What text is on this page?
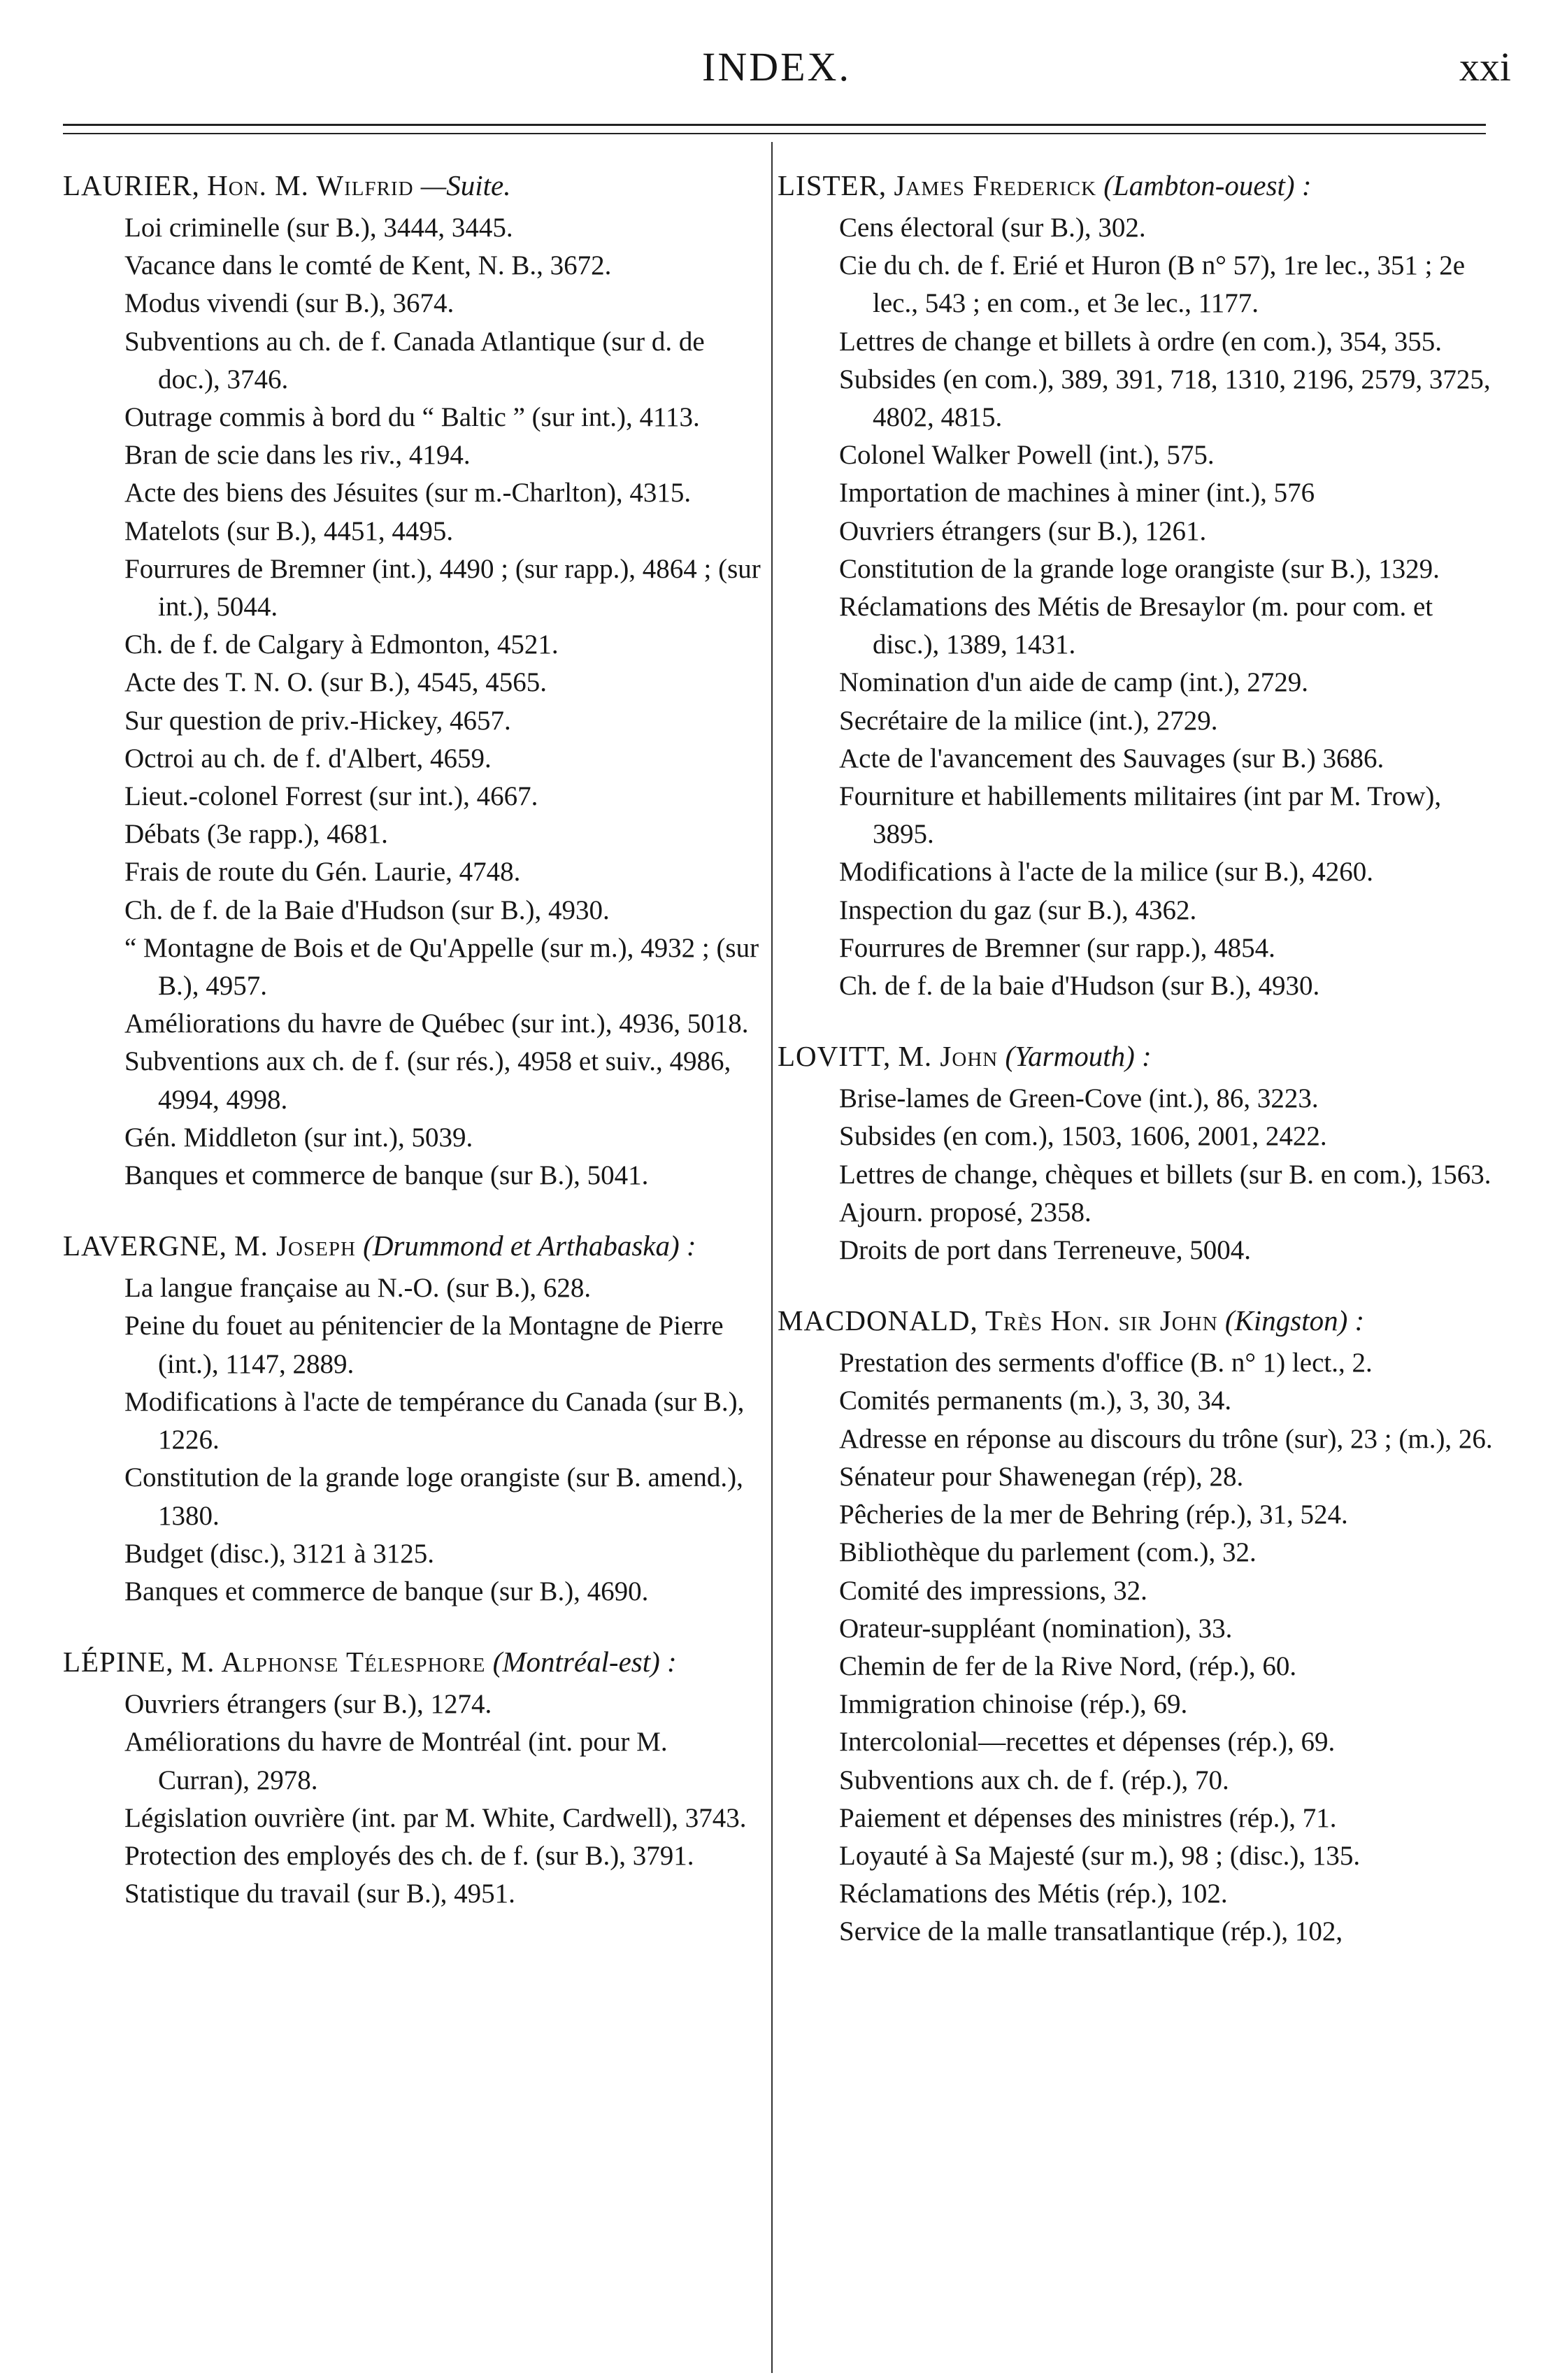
INDEX.	xxi
LAURIER, Hon. M. Wilfrid —Suite.
Loi criminelle (sur B.), 3444, 3445.
Vacance dans le comté de Kent, N. B., 3672.
Modus vivendi (sur B.), 3674.
Subventions au ch. de f. Canada Atlantique (sur d. de doc.), 3746.
Outrage commis à bord du “ Baltic ” (sur int.), 4113.
Bran de scie dans les riv., 4194.
Acte des biens des Jésuites (sur m.-Charlton), 4315.
Matelots (sur B.), 4451, 4495.
Fourrures de Bremner (int.), 4490 ; (sur rapp.), 4864 ; (sur int.), 5044.
Ch. de f. de Calgary à Edmonton, 4521.
Acte des T. N. O. (sur B.), 4545, 4565.
Sur question de priv.-Hickey, 4657.
Octroi au ch. de f. d'Albert, 4659.
Lieut.-colonel Forrest (sur int.), 4667.
Débats (3e rapp.), 4681.
Frais de route du Gén. Laurie, 4748.
Ch. de f. de la Baie d'Hudson (sur B.), 4930.
“ Montagne de Bois et de Qu'Appelle (sur m.), 4932 ; (sur B.), 4957.
Améliorations du havre de Québec (sur int.), 4936, 5018.
Subventions aux ch. de f. (sur rés.), 4958 et suiv., 4986, 4994, 4998.
Gén. Middleton (sur int.), 5039.
Banques et commerce de banque (sur B.), 5041.
LAVERGNE, M. Joseph (Drummond et Arthabaska) :
La langue française au N.-O. (sur B.), 628.
Peine du fouet au pénitencier de la Montagne de Pierre (int.), 1147, 2889.
Modifications à l'acte de tempérance du Canada (sur B.), 1226.
Constitution de la grande loge orangiste (sur B. amend.), 1380.
Budget (disc.), 3121 à 3125.
Banques et commerce de banque (sur B.), 4690.
LÉPINE, M. Alphonse Télesphore (Montréal-est) :
Ouvriers étrangers (sur B.), 1274.
Améliorations du havre de Montréal (int. pour M. Curran), 2978.
Législation ouvrière (int. par M. White, Cardwell), 3743.
Protection des employés des ch. de f. (sur B.), 3791.
Statistique du travail (sur B.), 4951.
LISTER, James Frederick (Lambton-ouest) :
Cens électoral (sur B.), 302.
Cie du ch. de f. Erié et Huron (B n° 57), 1re lec., 351 ; 2e lec., 543 ; en com., et 3e lec., 1177.
Lettres de change et billets à ordre (en com.), 354, 355.
Subsides (en com.), 389, 391, 718, 1310, 2196, 2579, 3725, 4802, 4815.
Colonel Walker Powell (int.), 575.
Importation de machines à miner (int.), 576
Ouvriers étrangers (sur B.), 1261.
Constitution de la grande loge orangiste (sur B.), 1329.
Réclamations des Métis de Bresaylor (m. pour com. et disc.), 1389, 1431.
Nomination d'un aide de camp (int.), 2729.
Secrétaire de la milice (int.), 2729.
Acte de l'avancement des Sauvages (sur B.) 3686.
Fourniture et habillements militaires (int par M. Trow), 3895.
Modifications à l'acte de la milice (sur B.), 4260.
Inspection du gaz (sur B.), 4362.
Fourrures de Bremner (sur rapp.), 4854.
Ch. de f. de la baie d'Hudson (sur B.), 4930.
LOVITT, M. John (Yarmouth) :
Brise-lames de Green-Cove (int.), 86, 3223.
Subsides (en com.), 1503, 1606, 2001, 2422.
Lettres de change, chèques et billets (sur B. en com.), 1563.
Ajourn. proposé, 2358.
Droits de port dans Terreneuve, 5004.
MACDONALD, Très Hon. sir John (Kingston) :
Prestation des serments d'office (B. n° 1) lect., 2.
Comités permanents (m.), 3, 30, 34.
Adresse en réponse au discours du trône (sur), 23 ; (m.), 26.
Sénateur pour Shawenegan (rép), 28.
Pêcheries de la mer de Behring (rép.), 31, 524.
Bibliothèque du parlement (com.), 32.
Comité des impressions, 32.
Orateur-suppléant (nomination), 33.
Chemin de fer de la Rive Nord, (rép.), 60.
Immigration chinoise (rép.), 69.
Intercolonial—recettes et dépenses (rép.), 69.
Subventions aux ch. de f. (rép.), 70.
Paiement et dépenses des ministres (rép.), 71.
Loyauté à Sa Majesté (sur m.), 98 ; (disc.), 135.
Réclamations des Métis (rép.), 102.
Service de la malle transatlantique (rép.), 102,
